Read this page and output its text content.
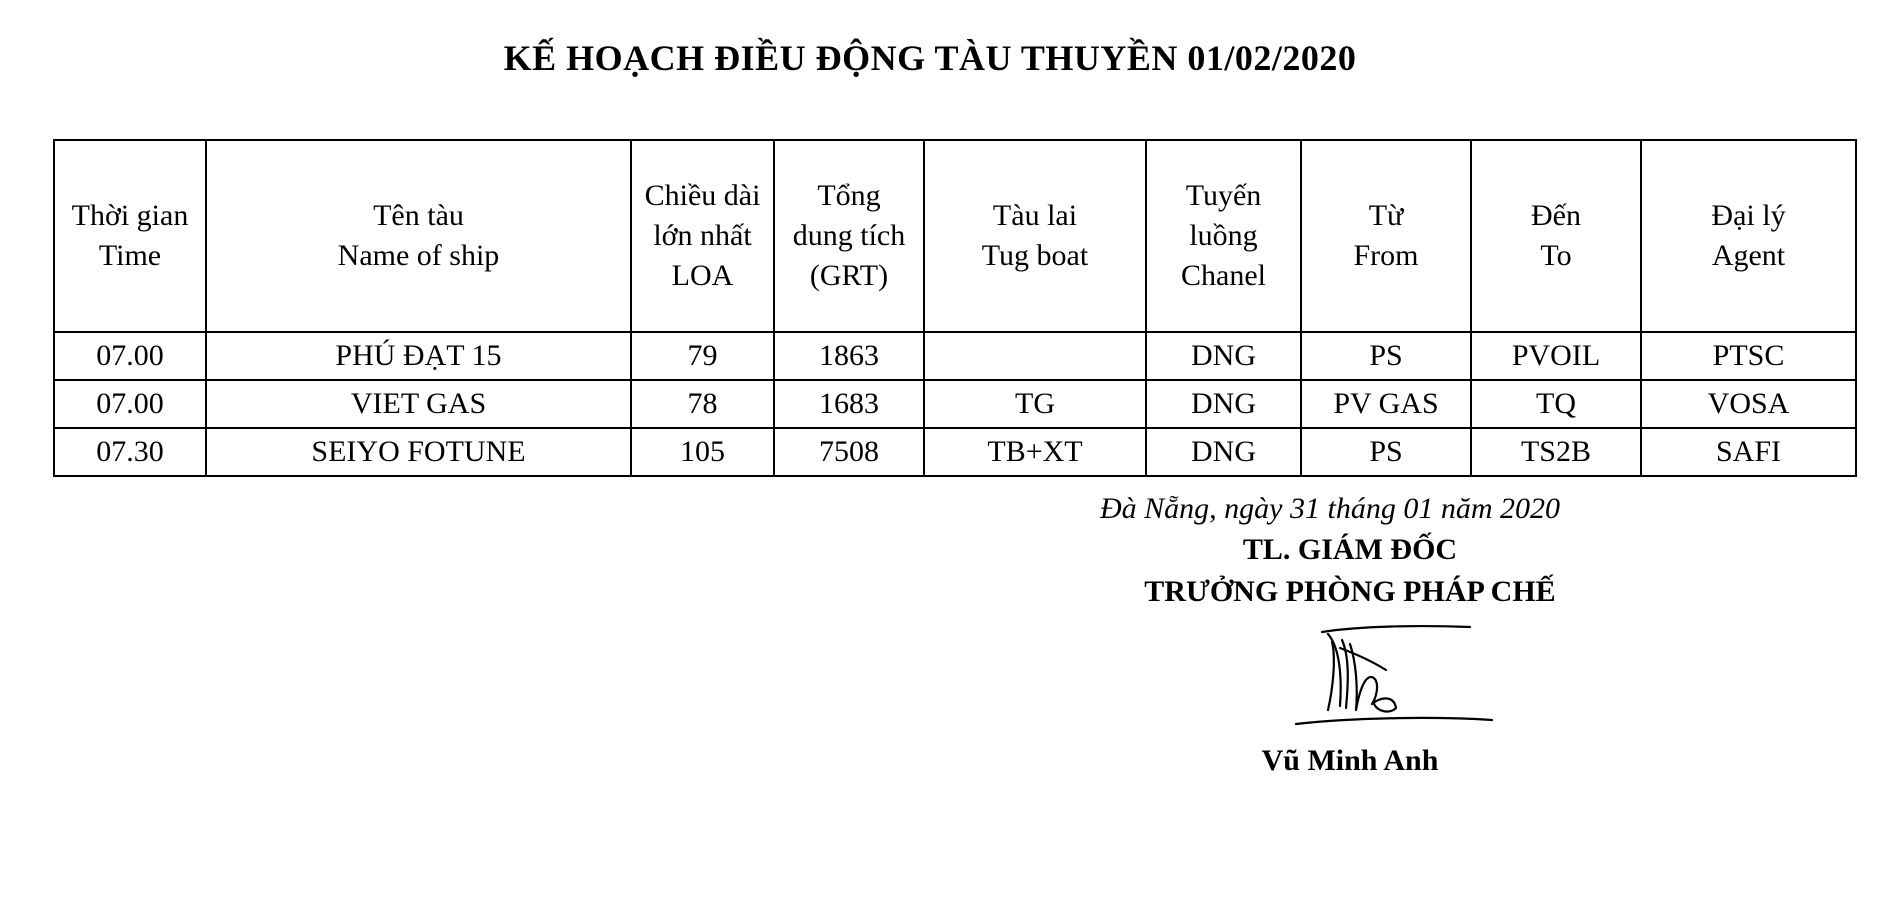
KẾ HOẠCH ĐIỀU ĐỘNG TÀU THUYỀN 01/02/2020
Thời gian
Time	Tên tàu
Name of ship	Chiều dài
lớn nhất
LOA	Tổng
dung tích
(GRT)	Tàu lai
Tug boat	Tuyến
luồng
Chanel	Từ
From	Đến
To	Đại lý
Agent

07.00	PHÚ ĐẠT 15	79	1863		DNG	PS	PVOIL	PTSC
07.00	VIET GAS	78	1683	TG	DNG	PV GAS	TQ	VOSA
07.30	SEIYO FOTUNE	105	7508	TB+XT	DNG	PS	TS2B	SAFI
Đà Nẵng, ngày 31 tháng 01 năm 2020
TL. GIÁM ĐỐC
TRƯỞNG PHÒNG PHÁP CHẾ
Vũ Minh Anh
